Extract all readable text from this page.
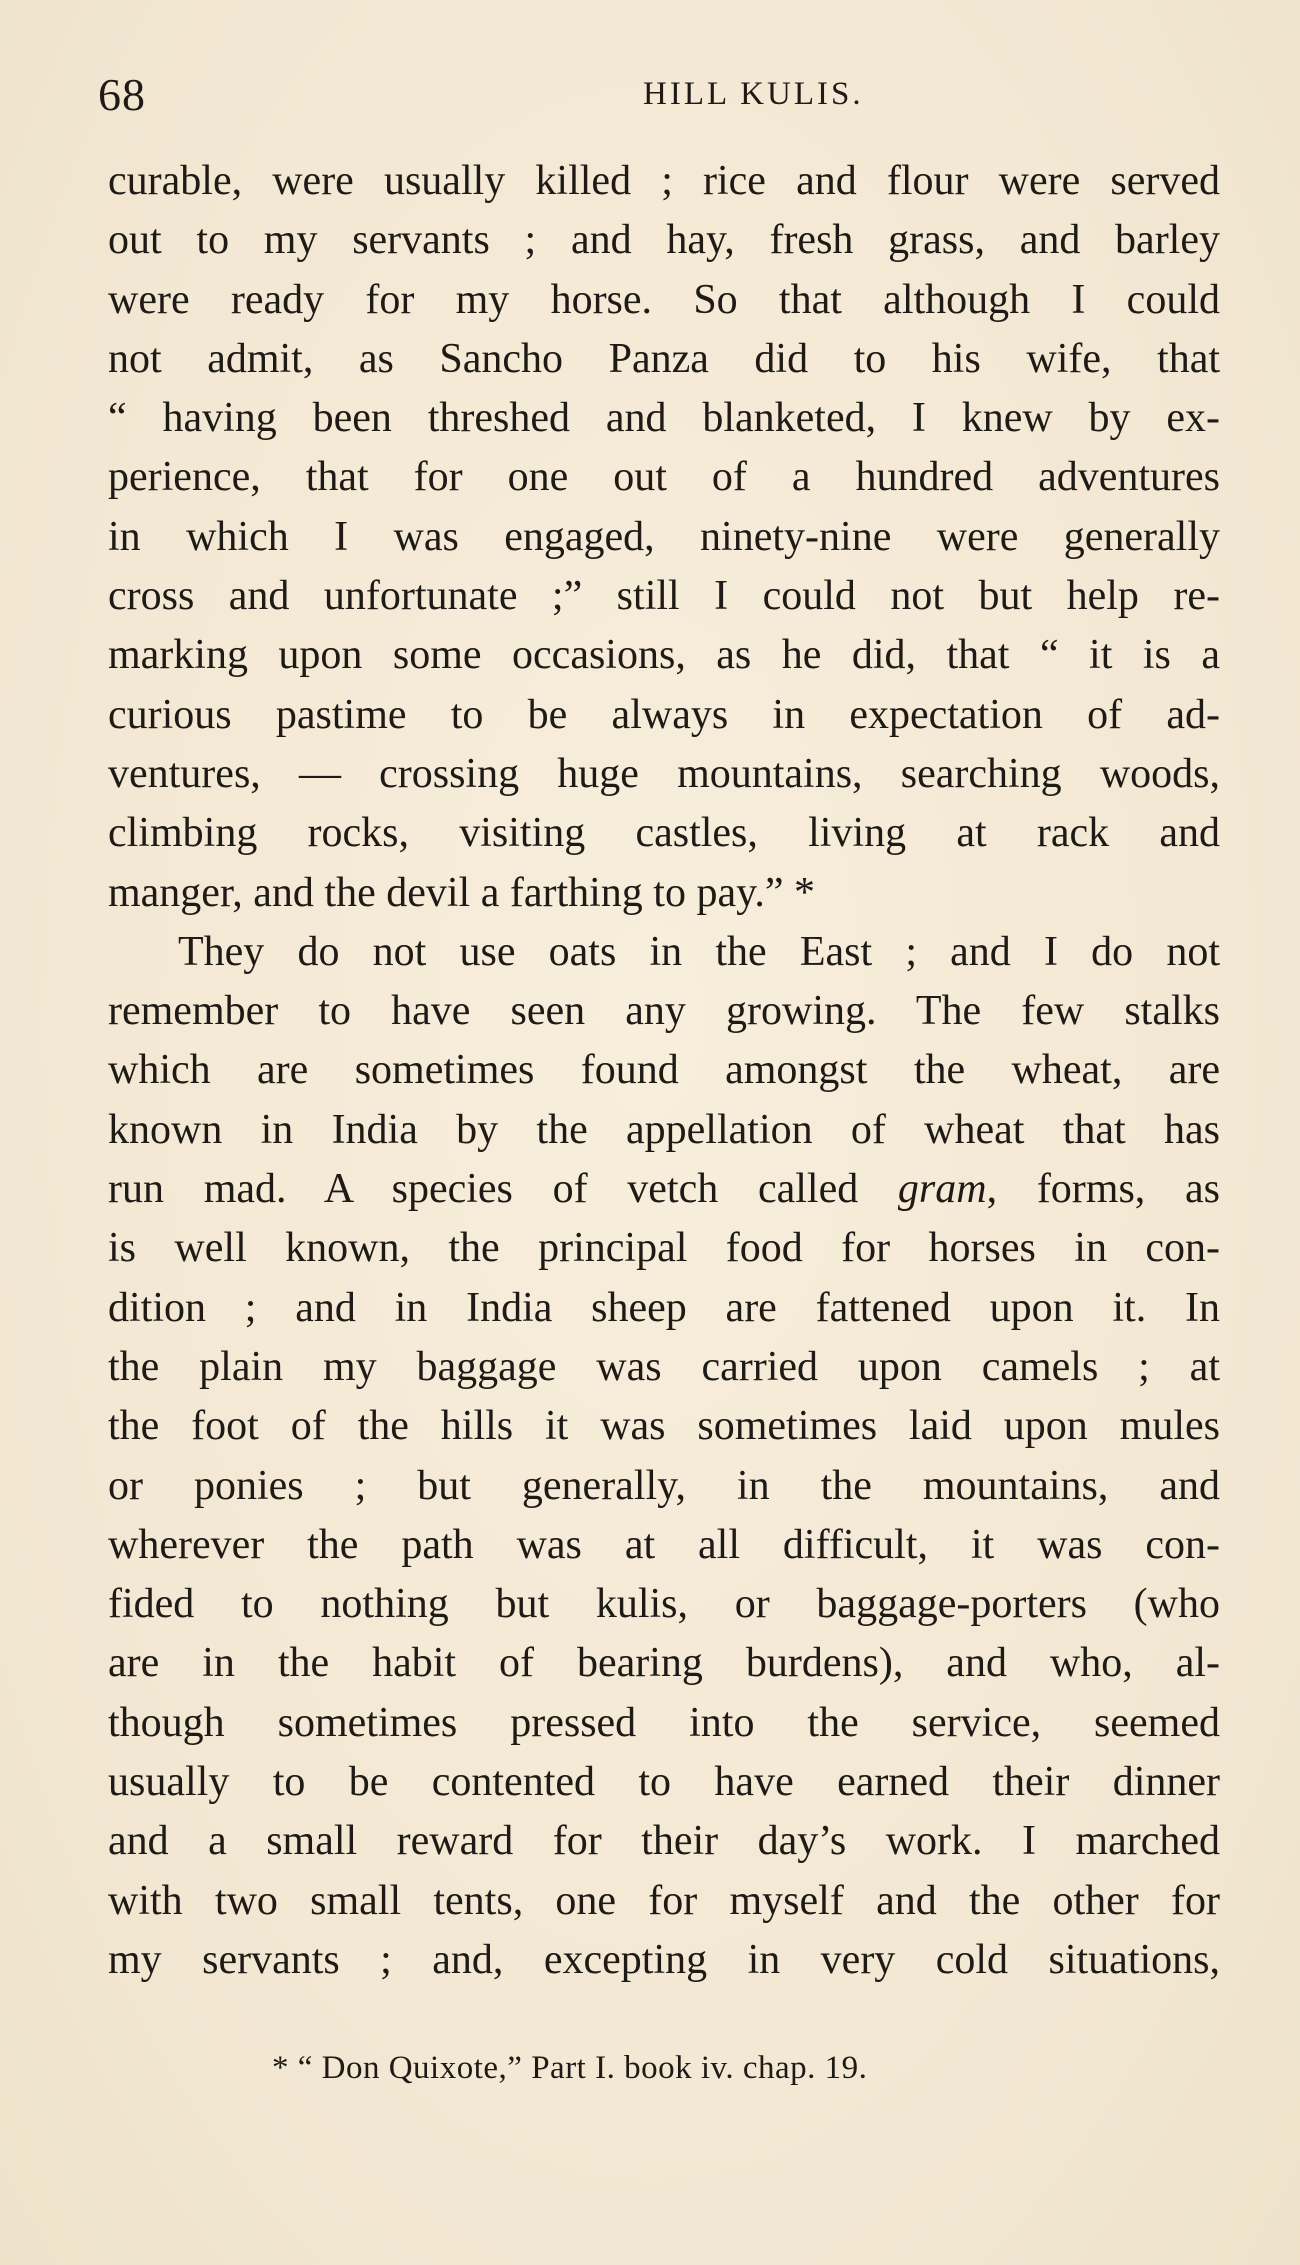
68	HILL KULIS.
curable, were usually killed ; rice and flour were served
out to my servants ; and hay, fresh grass, and barley
were ready for my horse. So that although I could
not admit, as Sancho Panza did to his wife, that
“ having been threshed and blanketed, I knew by ex-
perience, that for one out of a hundred adventures
in which I was engaged, ninety-nine were generally
cross and unfortunate ;” still I could not but help re-
marking upon some occasions, as he did, that “ it is a
curious pastime to be always in expectation of ad-
ventures, — crossing huge mountains, searching woods,
climbing rocks, visiting castles, living at rack and
manger, and the devil a farthing to pay.” *
They do not use oats in the East ; and I do not
remember to have seen any growing. The few stalks
which are sometimes found amongst the wheat, are
known in India by the appellation of wheat that has
run mad. A species of vetch called gram, forms, as
is well known, the principal food for horses in con-
dition ; and in India sheep are fattened upon it. In
the plain my baggage was carried upon camels ; at
the foot of the hills it was sometimes laid upon mules
or ponies ; but generally, in the mountains, and
wherever the path was at all difficult, it was con-
fided to nothing but kulis, or baggage-porters (who
are in the habit of bearing burdens), and who, al-
though sometimes pressed into the service, seemed
usually to be contented to have earned their dinner
and a small reward for their day’s work. I marched
with two small tents, one for myself and the other for
my servants ; and, excepting in very cold situations,
* “ Don Quixote,” Part I. book iv. chap. 19.
